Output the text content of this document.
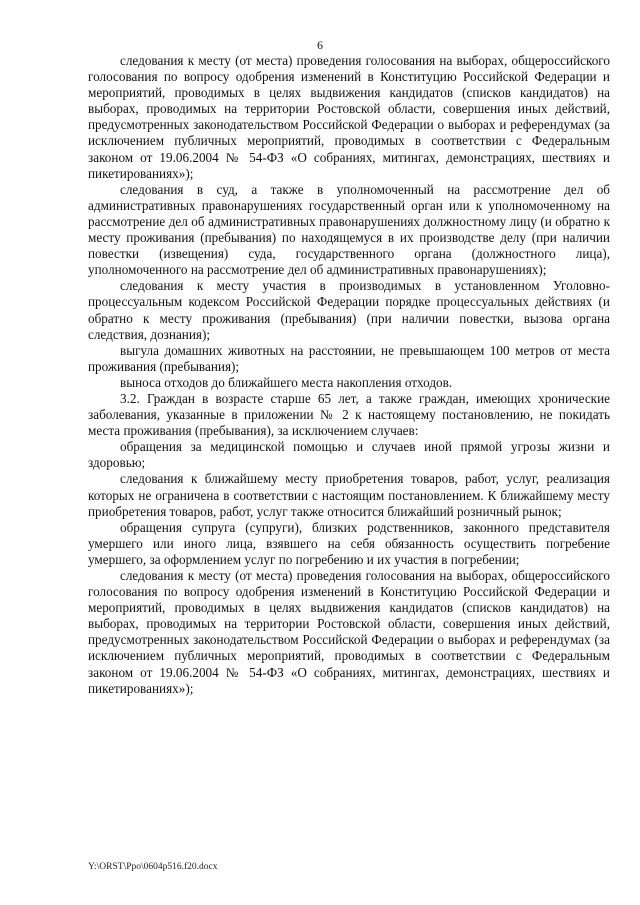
6

следования к месту (от места) проведения голосования на выборах, общероссийского голосования по вопросу одобрения изменений в Конституцию Российской Федерации и мероприятий, проводимых в целях выдвижения кандидатов (списков кандидатов) на выборах, проводимых на территории Ростовской области, совершения иных действий, предусмотренных законодательством Российской Федерации о выборах и референдумах (за исключением публичных мероприятий, проводимых в соответствии с Федеральным законом от 19.06.2004 № 54-ФЗ «О собраниях, митингах, демонстрациях, шествиях и пикетированиях»);

следования в суд, а также в уполномоченный на рассмотрение дел об административных правонарушениях государственный орган или к уполномоченному на рассмотрение дел об административных правонарушениях должностному лицу (и обратно к месту проживания (пребывания) по находящемуся в их производстве делу (при наличии повестки (извещения) суда, государственного органа (должностного лица), уполномоченного на рассмотрение дел об административных правонарушениях);

следования к месту участия в производимых в установленном Уголовно-процессуальным кодексом Российской Федерации порядке процессуальных действиях (и обратно к месту проживания (пребывания) (при наличии повестки, вызова органа следствия, дознания);

выгула домашних животных на расстоянии, не превышающем 100 метров от места проживания (пребывания);

выноса отходов до ближайшего места накопления отходов.

3.2. Граждан в возрасте старше 65 лет, а также граждан, имеющих хронические заболевания, указанные в приложении № 2 к настоящему постановлению, не покидать места проживания (пребывания), за исключением случаев:

обращения за медицинской помощью и случаев иной прямой угрозы жизни и здоровью;

следования к ближайшему месту приобретения товаров, работ, услуг, реализация которых не ограничена в соответствии с настоящим постановлением. К ближайшему месту приобретения товаров, работ, услуг также относится ближайший розничный рынок;

обращения супруга (супруги), близких родственников, законного представителя умершего или иного лица, взявшего на себя обязанность осуществить погребение умершего, за оформлением услуг по погребению и их участия в погребении;

следования к месту (от места) проведения голосования на выборах, общероссийского голосования по вопросу одобрения изменений в Конституцию Российской Федерации и мероприятий, проводимых в целях выдвижения кандидатов (списков кандидатов) на выборах, проводимых на территории Ростовской области, совершения иных действий, предусмотренных законодательством Российской Федерации о выборах и референдумах (за исключением публичных мероприятий, проводимых в соответствии с Федеральным законом от 19.06.2004 № 54-ФЗ «О собраниях, митингах, демонстрациях, шествиях и пикетированиях»);

Y:\ORST\Ppo\0604p516.f20.docx
